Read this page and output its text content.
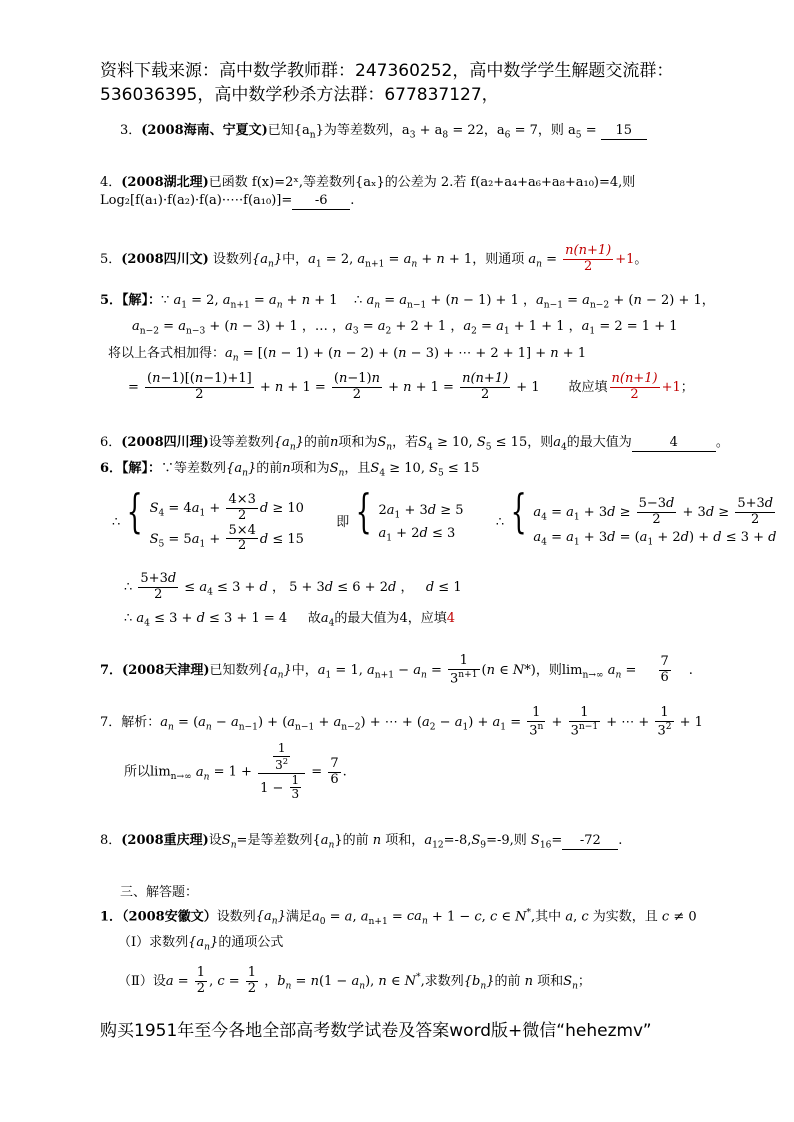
资料下载来源：高中数学教师群：247360252，高中数学学生解题交流群：
536036395，高中数学秒杀方法群：677837127，
3．(2008海南、宁夏文)已知$\{a_n\}$为等差数列，$a_3 + a_8 = 22$，$a_6 = 7$，则 $a_5 = 15$
4．(2008湖北理)已函数 f(x)=2ˣ,等差数列{aₓ}的公差为 2.若 f(a₂+a₄+a₆+a₈+a₁₀)=4,则
Log₂[f(a₁)·f(a₂)·f(a)·⋯·f(a₁₀)]= -6 .
5．(2008四川文) 设数列$\{a_n\}$中，$a_1 = 2$, $a_{n+1} = a_n + n + 1$，则通项 $a_n = \frac{n(n+1)}{2} +1$。
5．【解】：∵ $a_1 = 2$, $a_{n+1} = a_n + n + 1$    ∴ $a_n = a_{n-1} + (n - 1) + 1$ ，$a_{n-1} = a_{n-2} + (n - 2) + 1$，
$a_{n-2} = a_{n-3} + (n - 3) + 1$ ，… ，$a_3 = a_2 + 2 + 1$ ，$a_2 = a_1 + 1 + 1$ ，$a_1 = 2 = 1 + 1$
将以上各式相加得：$a_n = [(n - 1) + (n - 2) + (n - 3)$ + ⋯ + 2 + 1] + n + 1
= $\frac{(n-1)[(n-1)+1]}{2} + n + 1 = \frac{(n-1)n}{2} + n + 1 = \frac{n(n+1)}{2} + 1$       故应填 $\frac{n(n+1)}{2} +1$；
6．(2008四川理)设等差数列$\{a_n\}$的前n项和为$S_n$，若$S_4 \ge 10$, $S_5 \le 15$，则$a_4$的最大值为	4	。
6．【解】：∵等差数列$\{a_n\}$的前n项和为$S_n$，且$S_4 \ge 10$, $S_5 \le 15$
∴ { $S_4 = 4a_1 + \frac{4\times 3}{2}$ d ≥ 10
$S_5 = 5a_1 + \frac{5\times 4}{2}$ d ≤ 15
即 { $2a_1 + 3d \ge 5$
$a_1 + 2d \le 3$
∴ { $a_4 = a_1 + 3d \ge \frac{5-3d}{2} + 3d \ge \frac{5+3d}{2}$
$a_4 = a_1 + 3d = (a_1 + 2d) + d \le 3 + d$
∴ $\frac{5+3d}{2} \le a_4 \le 3 + d$ ， 5 + 3d ≤ 6 + 2d ，   d ≤ 1
∴ $a_4 \le 3 + d \le 3 + 1 = 4$     故$a_4$的最大值为4，应填4
7．(2008天津理)已知数列$\{a_n\}$中，$a_1 = 1$, $a_{n+1} - a_n = \frac{1}{3^{n+1}} (n$ ∈ N*)，则$\lim_{n\to\infty} a_n = \frac{7}{6}$ .
7．解析：$a_n = (a_n - a_{n-1}) + (a_{n-1} + a_{n-2})$ + ⋯ + $(a_2 - a_1) + a_1 = \frac{1}{3^n} + \frac{1}{3^{n-1}}$ + ⋯ + $\frac{1}{3^2} + 1$
所以$\lim_{n\to\infty} a_n = 1 + \frac{\frac{1}{3^2}}{1 - \frac{1}{3}} = \frac{7}{6}$ .
8．(2008重庆理)设$S_n=$是等差数列$\{a_n\}$的前 n 项和，$a_{12}=-8,S_9=-9$,则 $S_{16}= -72$ .
三、解答题：
1．（2008安徽文）设数列$\{a_n\}$满足$a_0 = a$, $a_{n+1} = ca_n + 1 - c$, c ∈ N*,其中 a, c 为实数，且 c ≠ 0
（Ⅰ）求数列$\{a_n\}$的通项公式
（Ⅱ）设$a = \frac{1}{2}$ , $c = \frac{1}{2}$ ，$b_n = n(1 - a_n)$, n ∈ N*,求数列$\{b_n\}$的前 n 项和$S_n$；
购买1951年至今各地全部高考数学试卷及答案word版+微信“hehezmv”
